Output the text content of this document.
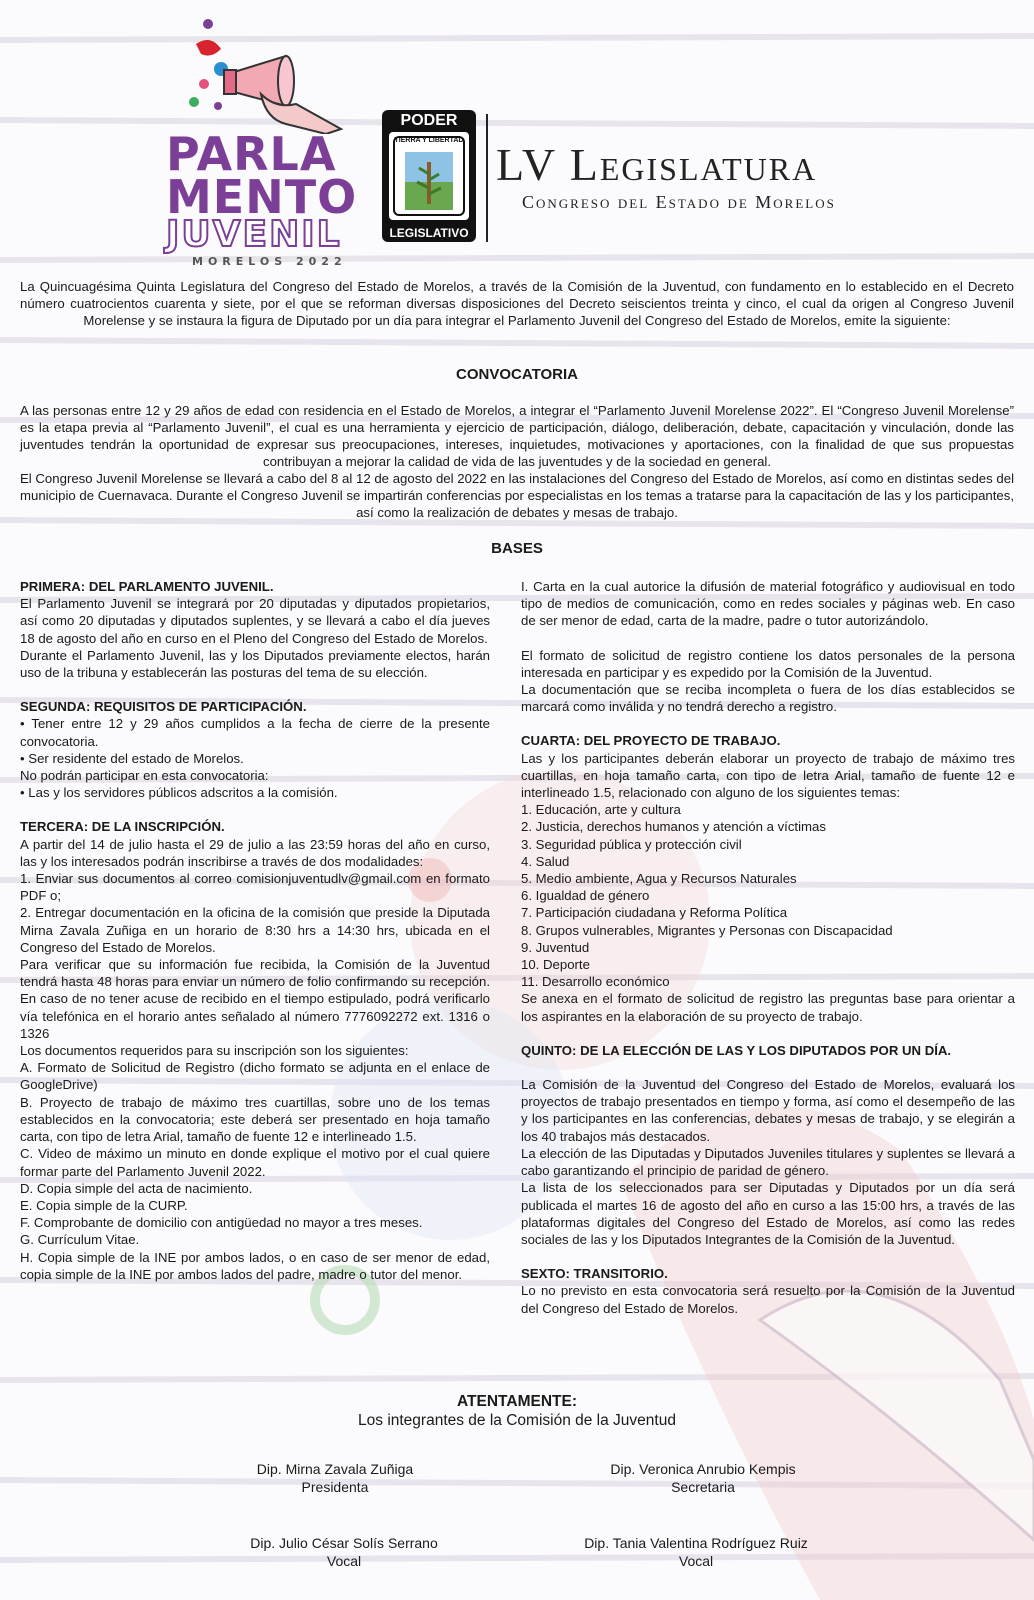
PARLA
MENTO
JUVENIL
MORELOS 2022
PODER
TIERRA Y LIBERTAD
LEGISLATIVO
LV Legislatura
Congreso del Estado de Morelos

La Quincuagésima Quinta Legislatura del Congreso del Estado de Morelos, a través de la Comisión de la Juventud, con fundamento en lo establecido en el Decreto número cuatrocientos cuarenta y siete, por el que se reforman diversas disposiciones del Decreto seiscientos treinta y cinco, el cual da origen al Congreso Juvenil Morelense y se instaura la figura de Diputado por un día para integrar el Parlamento Juvenil del Congreso del Estado de Morelos, emite la siguiente:

CONVOCATORIA

A las personas entre 12 y 29 años de edad con residencia en el Estado de Morelos, a integrar el “Parlamento Juvenil Morelense 2022”. El “Congreso Juvenil Morelense” es la etapa previa al “Parlamento Juvenil”, el cual es una herramienta y ejercicio de participación, diálogo, deliberación, debate, capacitación y vinculación, donde las juventudes tendrán la oportunidad de expresar sus preocupaciones, intereses, inquietudes, motivaciones y aportaciones, con la finalidad de que sus propuestas contribuyan a mejorar la calidad de vida de las juventudes y de la sociedad en general.

El Congreso Juvenil Morelense se llevará a cabo del 8 al 12 de agosto del 2022 en las instalaciones del Congreso del Estado de Morelos, así como en distintas sedes del municipio de Cuernavaca. Durante el Congreso Juvenil se impartirán conferencias por especialistas en los temas a tratarse para la capacitación de las y los participantes, así como la realización de debates y mesas de trabajo.

BASES

PRIMERA: DEL PARLAMENTO JUVENIL.

El Parlamento Juvenil se integrará por 20 diputadas y diputados propietarios, así como 20 diputadas y diputados suplentes, y se llevará a cabo el día jueves 18 de agosto del año en curso en el Pleno del Congreso del Estado de Morelos.

Durante el Parlamento Juvenil, las y los Diputados previamente electos, harán uso de la tribuna y establecerán las posturas del tema de su elección.

SEGUNDA: REQUISITOS DE PARTICIPACIÓN.

• Tener entre 12 y 29 años cumplidos a la fecha de cierre de la presente convocatoria.

• Ser residente del estado de Morelos.

No podrán participar en esta convocatoria:

• Las y los servidores públicos adscritos a la comisión.

TERCERA: DE LA INSCRIPCIÓN.

A partir del 14 de julio hasta el 29 de julio a las 23:59 horas del año en curso, las y los interesados podrán inscribirse a través de dos modalidades:

1. Enviar sus documentos al correo comisionjuventudlv@gmail.com en formato PDF o;

2. Entregar documentación en la oficina de la comisión que preside la Diputada Mirna Zavala Zuñiga en un horario de 8:30 hrs a 14:30 hrs, ubicada en el Congreso del Estado de Morelos.

Para verificar que su información fue recibida, la Comisión de la Juventud tendrá hasta 48 horas para enviar un número de folio confirmando su recepción. En caso de no tener acuse de recibido en el tiempo estipulado, podrá verificarlo vía telefónica en el horario antes señalado al número 7776092272 ext. 1316 o 1326

Los documentos requeridos para su inscripción son los siguientes:

A. Formato de Solicitud de Registro (dicho formato se adjunta en el enlace de GoogleDrive)

B. Proyecto de trabajo de máximo tres cuartillas, sobre uno de los temas establecidos en la convocatoria; este deberá ser presentado en hoja tamaño carta, con tipo de letra Arial, tamaño de fuente 12 e interlineado 1.5.

C. Video de máximo un minuto en donde explique el motivo por el cual quiere formar parte del Parlamento Juvenil 2022.

D. Copia simple del acta de nacimiento.

E. Copia simple de la CURP.

F. Comprobante de domicilio con antigüedad no mayor a tres meses.

G. Currículum Vitae.

H. Copia simple de la INE por ambos lados, o en caso de ser menor de edad, copia simple de la INE por ambos lados del padre, madre o tutor del menor.

I. Carta en la cual autorice la difusión de material fotográfico y audiovisual en todo tipo de medios de comunicación, como en redes sociales y páginas web. En caso de ser menor de edad, carta de la madre, padre o tutor autorizándolo.

El formato de solicitud de registro contiene los datos personales de la persona interesada en participar y es expedido por la Comisión de la Juventud.

La documentación que se reciba incompleta o fuera de los días establecidos se marcará como inválida y no tendrá derecho a registro.

CUARTA: DEL PROYECTO DE TRABAJO.

Las y los participantes deberán elaborar un proyecto de trabajo de máximo tres cuartillas, en hoja tamaño carta, con tipo de letra Arial, tamaño de fuente 12 e interlineado 1.5, relacionado con alguno de los siguientes temas:

1. Educación, arte y cultura

2. Justicia, derechos humanos y atención a víctimas

3. Seguridad pública y protección civil

4. Salud

5. Medio ambiente, Agua y Recursos Naturales

6. Igualdad de género

7. Participación ciudadana y Reforma Política

8. Grupos vulnerables, Migrantes y Personas con Discapacidad

9. Juventud

10. Deporte

11. Desarrollo económico

Se anexa en el formato de solicitud de registro las preguntas base para orientar a los aspirantes en la elaboración de su proyecto de trabajo.

QUINTO: DE LA ELECCIÓN DE LAS Y LOS DIPUTADOS POR UN DÍA.

La Comisión de la Juventud del Congreso del Estado de Morelos, evaluará los proyectos de trabajo presentados en tiempo y forma, así como el desempeño de las y los participantes en las conferencias, debates y mesas de trabajo, y se elegirán a los 40 trabajos más destacados.

La elección de las Diputadas y Diputados Juveniles titulares y suplentes se llevará a cabo garantizando el principio de paridad de género.

La lista de los seleccionados para ser Diputadas y Diputados por un día será publicada el martes 16 de agosto del año en curso a las 15:00 hrs, a través de las plataformas digitales del Congreso del Estado de Morelos, así como las redes sociales de las y los Diputados Integrantes de la Comisión de la Juventud.

SEXTO: TRANSITORIO.

Lo no previsto en esta convocatoria será resuelto por la Comisión de la Juventud del Congreso del Estado de Morelos.

ATENTAMENTE:
Los integrantes de la Comisión de la Juventud
Dip. Mirna Zavala Zuñiga
Presidenta
Dip. Veronica Anrubio Kempis
Secretaria
Dip. Julio César Solís Serrano
Vocal
Dip. Tania Valentina Rodríguez Ruiz
Vocal
